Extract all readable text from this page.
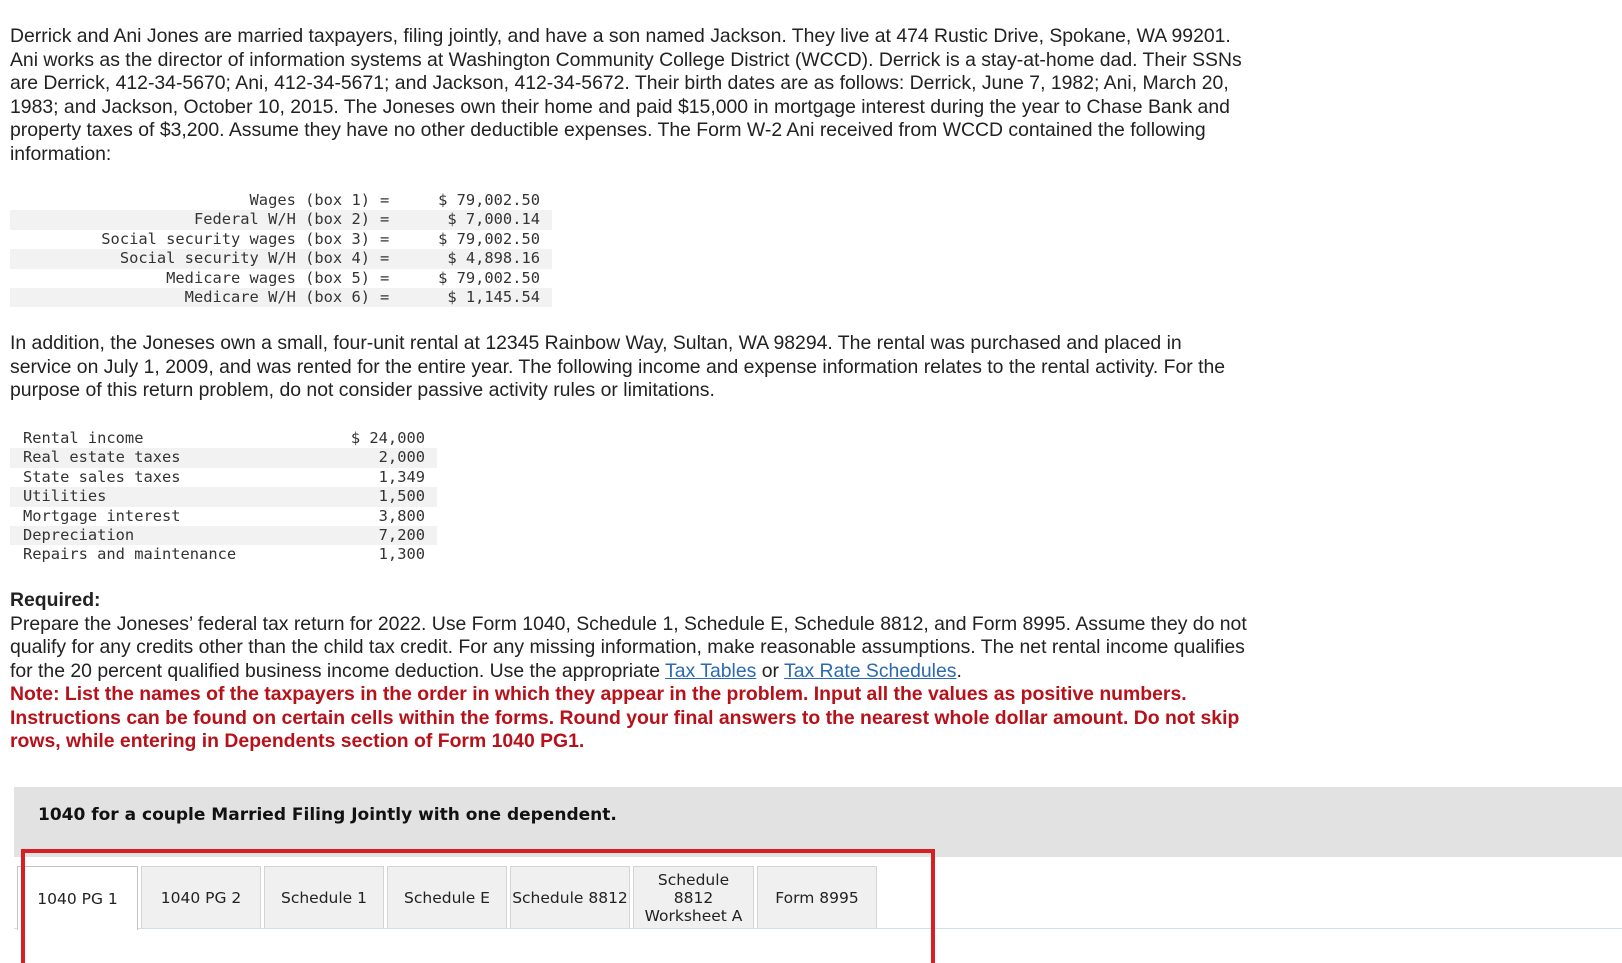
Derrick and Ani Jones are married taxpayers, filing jointly, and have a son named Jackson. They live at 474 Rustic Drive, Spokane, WA 99201. Ani works as the director of information systems at Washington Community College District (WCCD). Derrick is a stay-at-home dad. Their SSNs are Derrick, 412-34-5670; Ani, 412-34-5671; and Jackson, 412-34-5672. Their birth dates are as follows: Derrick, June 7, 1982; Ani, March 20, 1983; and Jackson, October 10, 2015. The Joneses own their home and paid $15,000 in mortgage interest during the year to Chase Bank and property taxes of $3,200. Assume they have no other deductible expenses. The Form W-2 Ani received from WCCD contained the following information:

Wages (box 1)	=	$ 79,002.50
Federal W/H (box 2)	=	$ 7,000.14
Social security wages (box 3)	=	$ 79,002.50
Social security W/H (box 4)	=	$ 4,898.16
Medicare wages (box 5)	=	$ 79,002.50
Medicare W/H (box 6)	=	$ 1,145.54

In addition, the Joneses own a small, four-unit rental at 12345 Rainbow Way, Sultan, WA 98294. The rental was purchased and placed in service on July 1, 2009, and was rented for the entire year. The following income and expense information relates to the rental activity. For the purpose of this return problem, do not consider passive activity rules or limitations.

Rental income	$ 24,000
Real estate taxes	2,000
State sales taxes	1,349
Utilities	1,500
Mortgage interest	3,800
Depreciation	7,200
Repairs and maintenance	1,300
Required:
Prepare the Joneses’ federal tax return for 2022. Use Form 1040, Schedule 1, Schedule E, Schedule 8812, and Form 8995. Assume they do not qualify for any credits other than the child tax credit. For any missing information, make reasonable assumptions. The net rental income qualifies for the 20 percent qualified business income deduction. Use the appropriate Tax Tables or Tax Rate Schedules.
Note: List the names of the taxpayers in the order in which they appear in the problem. Input all the values as positive numbers. Instructions can be found on certain cells within the forms. Round your final answers to the nearest whole dollar amount. Do not skip rows, while entering in Dependents section of Form 1040 PG1.
1040 for a couple Married Filing Jointly with one dependent.
1040 PG 1	1040 PG 2	Schedule 1 Schedule E Schedule 8812
Schedule 8812 Worksheet A
Form 8995
